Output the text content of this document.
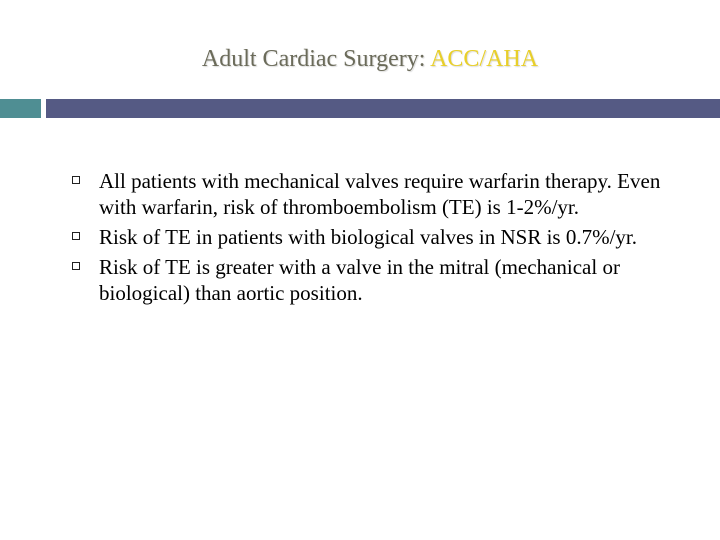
Adult Cardiac Surgery: ACC/AHA
All patients with mechanical valves require warfarin therapy. Even with warfarin, risk of thromboembolism (TE) is 1-2%/yr.
Risk of TE in patients with biological valves in NSR is 0.7%/yr.
Risk of TE is greater with a valve in the mitral (mechanical or biological) than aortic position.
